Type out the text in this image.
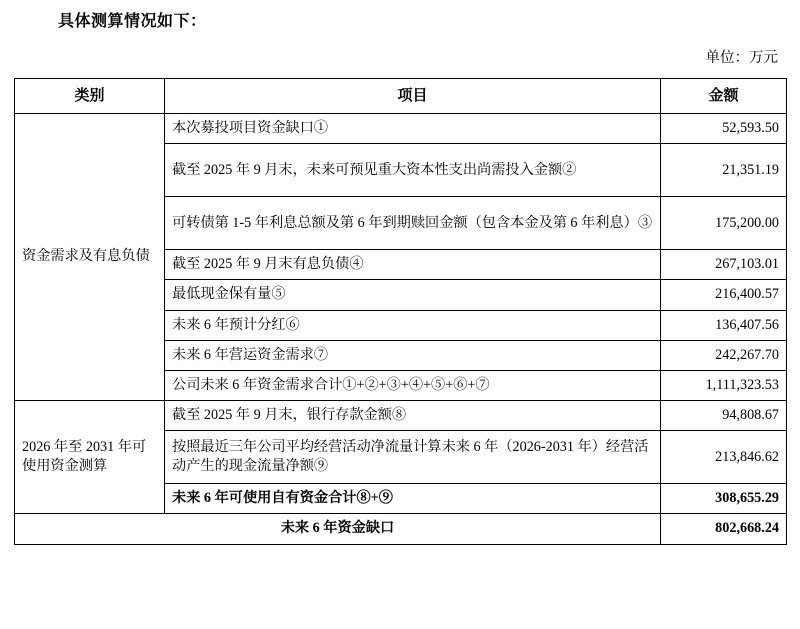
具体测算情况如下：
单位：万元
类别	项目	金额
资金需求及有息负债	本次募投项目资金缺口①	52,593.50
	截至 2025 年 9 月末，未来可预见重大资本性支出尚需投入金额②	21,351.19
	可转债第 1-5 年利息总额及第 6 年到期赎回金额（包含本金及第 6 年利息）③	175,200.00
	截至 2025 年 9 月末有息负债④	267,103.01
	最低现金保有量⑤	216,400.57
	未来 6 年预计分红⑥	136,407.56
	未来 6 年营运资金需求⑦	242,267.70
	公司未来 6 年资金需求合计①+②+③+④+⑤+⑥+⑦	1,111,323.53
2026 年至 2031 年可使用资金测算	截至 2025 年 9 月末，银行存款金额⑧	94,808.67
	按照最近三年公司平均经营活动净流量计算未来 6 年（2026-2031 年）经营活动产生的现金流量净额⑨	213,846.62
	未来 6 年可使用自有资金合计⑧+⑨	308,655.29
未来 6 年资金缺口		802,668.24
